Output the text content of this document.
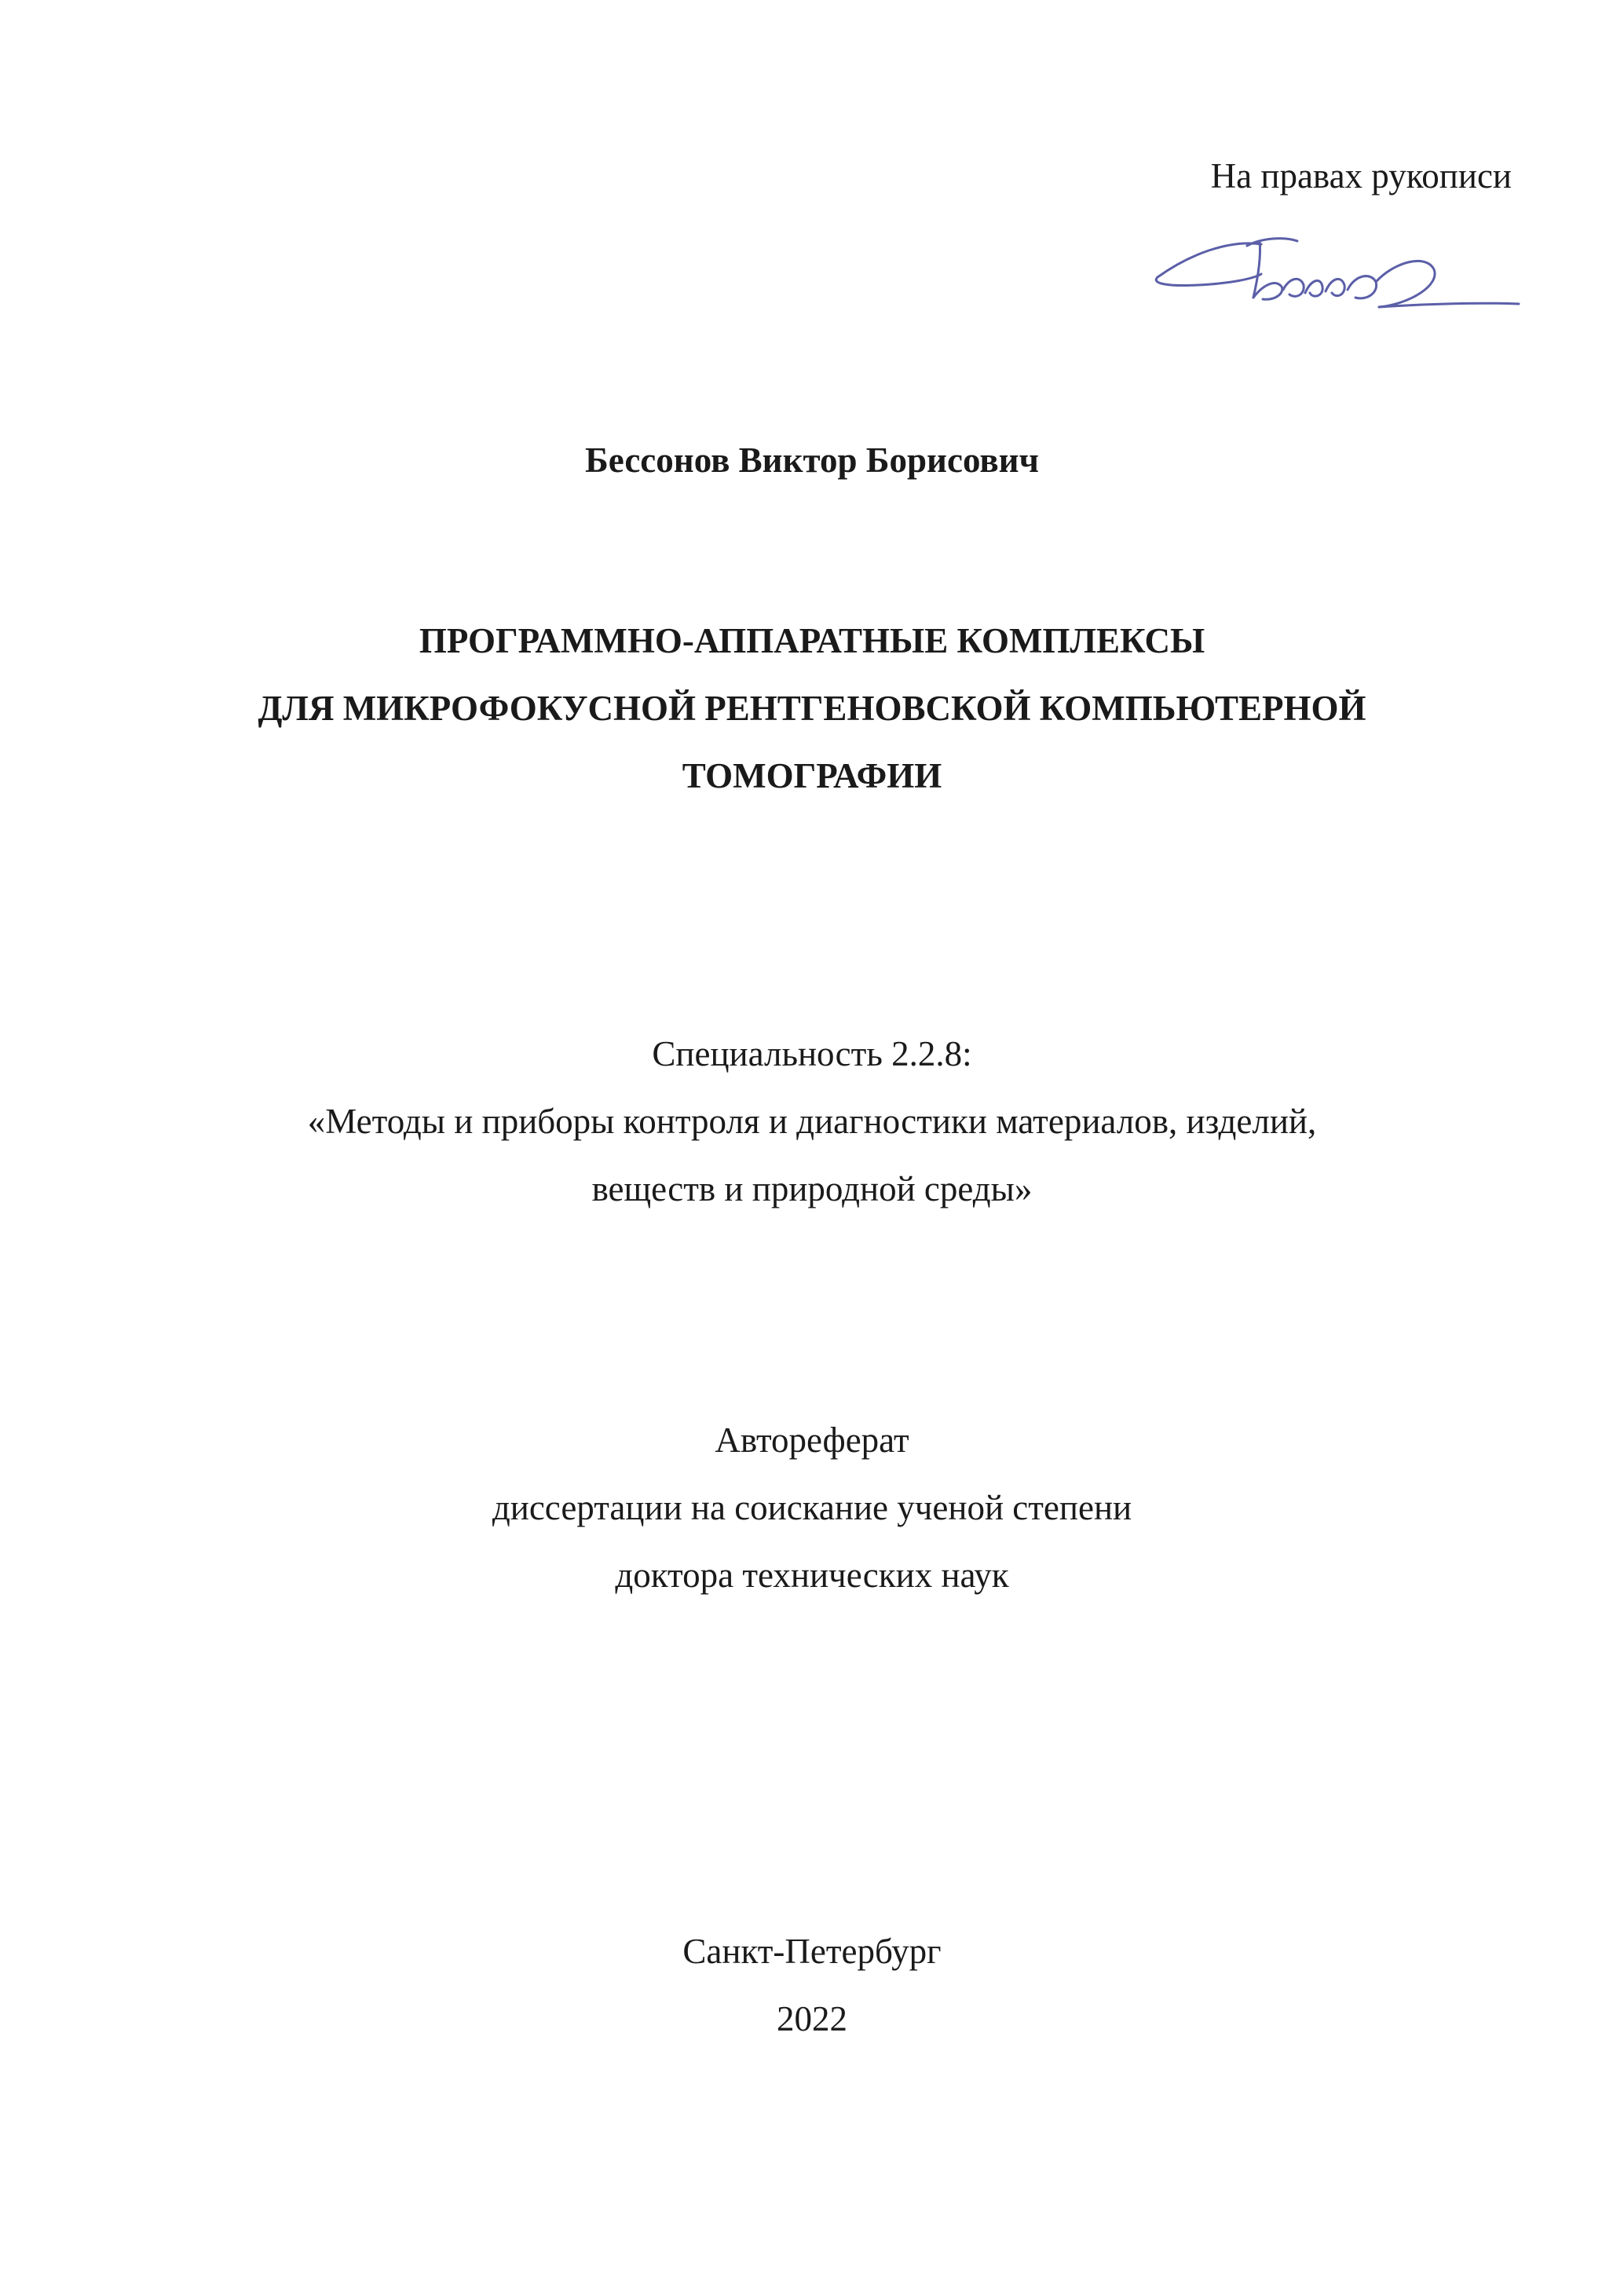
На правах рукописи

Бессонов Виктор Борисович

ПРОГРАММНО-АППАРАТНЫЕ КОМПЛЕКСЫ

ДЛЯ МИКРОФОКУСНОЙ РЕНТГЕНОВСКОЙ КОМПЬЮТЕРНОЙ

ТОМОГРАФИИ

Специальность 2.2.8:

«Методы и приборы контроля и диагностики материалов, изделий,

веществ и природной среды»

Автореферат

диссертации на соискание ученой степени

доктора технических наук

Санкт-Петербург

2022
